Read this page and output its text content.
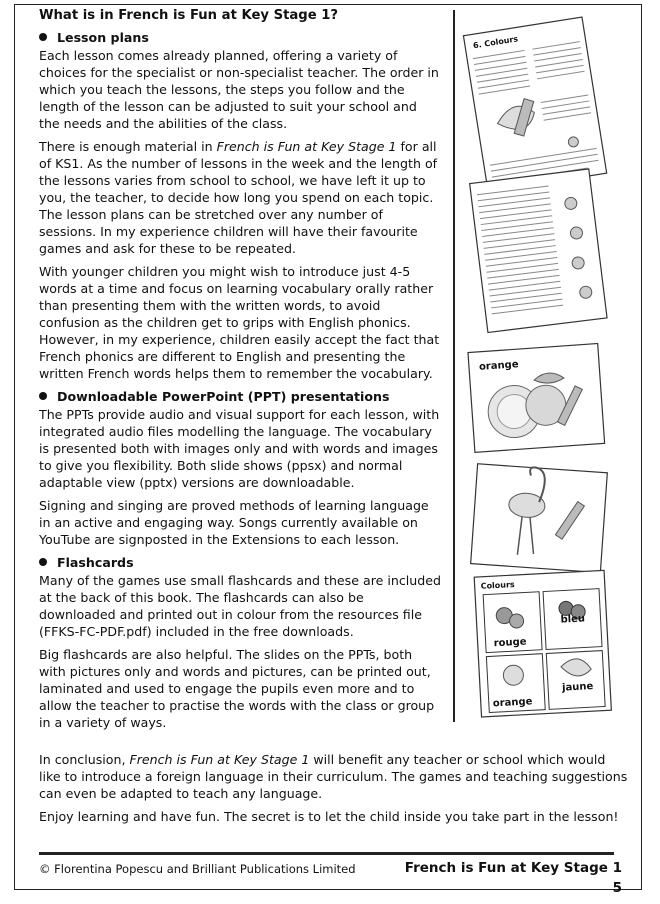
What is in French is Fun at Key Stage 1?
Lesson plans

Each lesson comes already planned, offering a variety of choices for the specialist or non-specialist teacher. The order in which you teach the lessons, the steps you follow and the length of the lesson can be adjusted to suit your school and the needs and the abilities of the class.

There is enough material in French is Fun at Key Stage 1 for all of KS1. As the number of lessons in the week and the length of the lessons varies from school to school, we have left it up to you, the teacher, to decide how long you spend on each topic. The lesson plans can be stretched over any number of sessions. In my experience children will have their favourite games and ask for these to be repeated.

With younger children you might wish to introduce just 4-5 words at a time and focus on learning vocabulary orally rather than presenting them with the written words, to avoid confusion as the children get to grips with English phonics. However, in my experience, children easily accept the fact that French phonics are different to English and presenting the written French words helps them to remember the vocabulary.

Downloadable PowerPoint (PPT) presentations

The PPTs provide audio and visual support for each lesson, with integrated audio files modelling the language. The vocabulary is presented both with images only and with words and images to give you flexibility. Both slide shows (ppsx) and normal adaptable view (pptx) versions are downloadable.

Signing and singing are proved methods of learning language in an active and engaging way. Songs currently available on YouTube are signposted in the Extensions to each lesson.

Flashcards

Many of the games use small flashcards and these are included at the back of this book. The flashcards can also be downloaded and printed out in colour from the resources file (FFKS-FC-PDF.pdf) included in the free downloads.

Big flashcards are also helpful. The slides on the PPTs, both with pictures only and words and pictures, can be printed out, laminated and used to engage the pupils even more and to allow the teacher to practise the words with the class or group in a variety of ways.

6. Colours
orange
Colours
rouge
bleu
orange
jaune

In conclusion, French is Fun at Key Stage 1 will benefit any teacher or school which would like to introduce a foreign language in their curriculum. The games and teaching suggestions can even be adapted to teach any language.

Enjoy learning and have fun. The secret is to let the child inside you take part in the lesson!

© Florentina Popescu and Brilliant Publications Limited	French is Fun at Key Stage 1
5
